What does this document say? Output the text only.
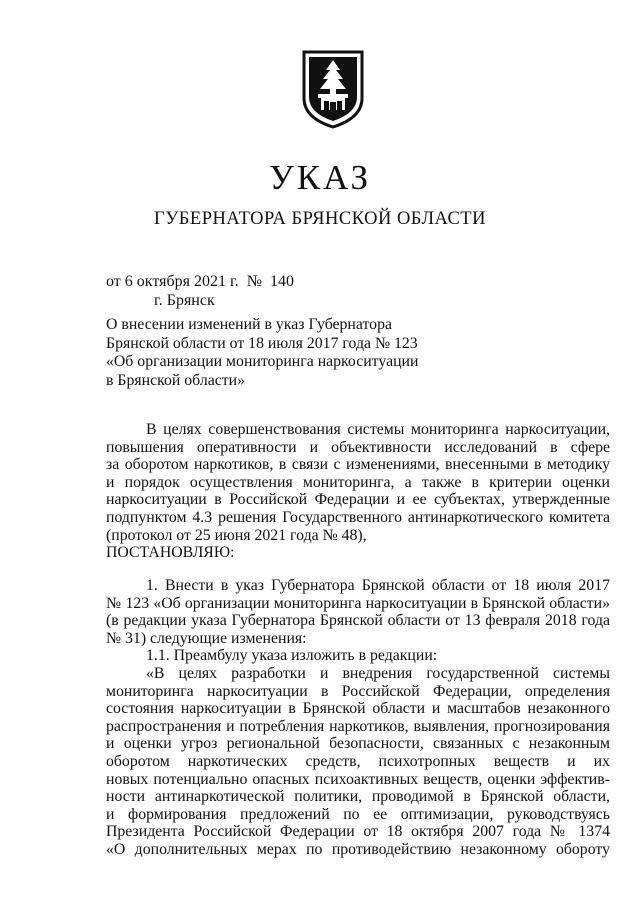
УКАЗ
ГУБЕРНАТОРА БРЯНСКОЙ ОБЛАСТИ
от 6 октября 2021 г.  №  140
г. Брянск
О внесении изменений в указ Губернатора
Брянской области от 18 июля 2017 года № 123
«Об организации мониторинга наркоситуации
в Брянской области»
В целях совершенствования системы мониторинга наркоситуации,
повышения оперативности и объективности исследований в сфере
за оборотом наркотиков, в связи с изменениями, внесенными в методику
и порядок осуществления мониторинга, а также в критерии оценки
наркоситуации в Российской Федерации и ее субъектах, утвержденные
подпунктом 4.3 решения Государственного антинаркотического комитета
(протокол от 25 июня 2021 года № 48),
ПОСТАНОВЛЯЮ:
1. Внести в указ Губернатора Брянской области от 18 июля 2017
№ 123 «Об организации мониторинга наркоситуации в Брянской области»
(в редакции указа Губернатора Брянской области от 13 февраля 2018 года
№ 31) следующие изменения:
1.1. Преамбулу указа изложить в редакции:
«В целях разработки и внедрения государственной системы
мониторинга наркоситуации в Российской Федерации, определения
состояния наркоситуации в Брянской области и масштабов незаконного
распространения и потребления наркотиков, выявления, прогнозирования
и оценки угроз региональной безопасности, связанных с незаконным
оборотом наркотических средств, психотропных веществ и их
новых потенциально опасных психоактивных веществ, оценки эффектив-
ности антинаркотической политики, проводимой в Брянской области,
и формирования предложений по ее оптимизации, руководствуясь
Президента Российской Федерации от 18 октября 2007 года № 1374
«О дополнительных мерах по противодействию незаконному обороту
